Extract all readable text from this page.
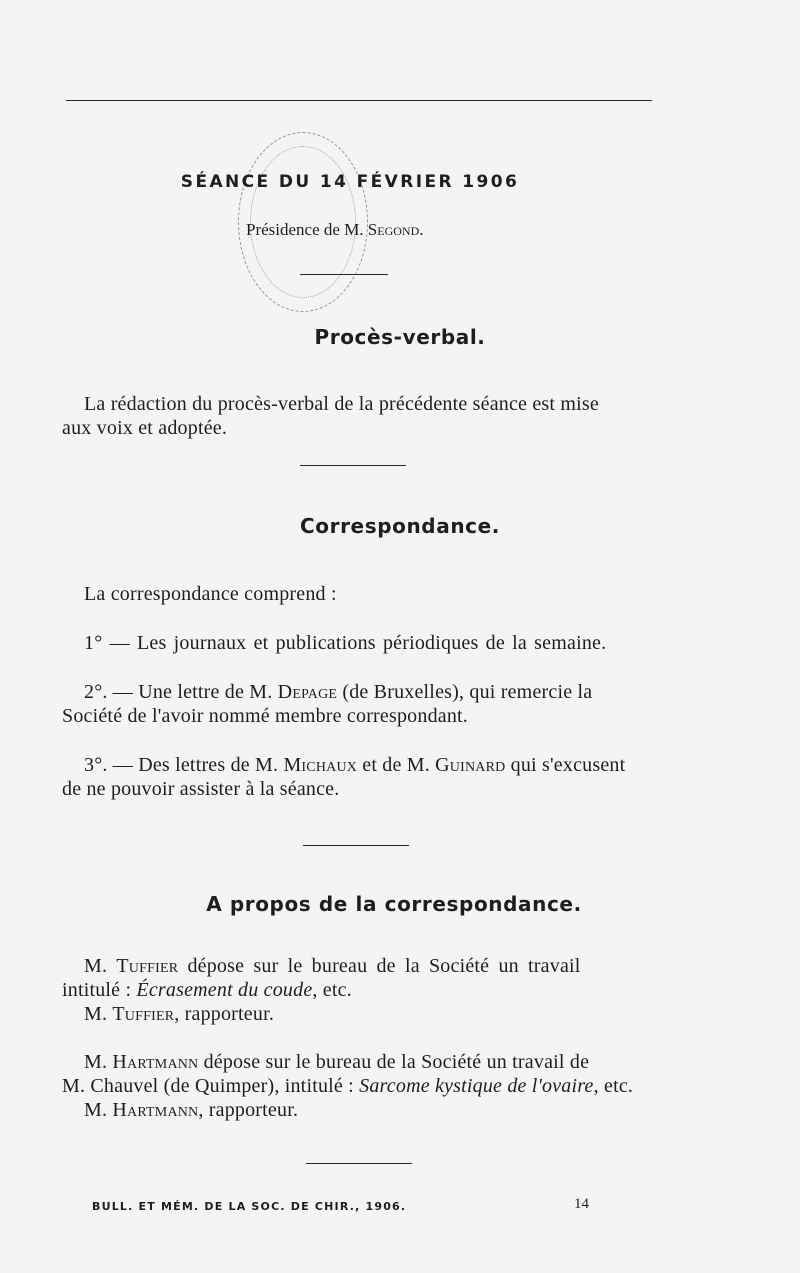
SÉANCE DU 14 FÉVRIER 1906
Présidence de M. Segond.
Procès-verbal.

La rédaction du procès-verbal de la précédente séance est mise

aux voix et adoptée.

Correspondance.
La correspondance comprend :
1° — Les journaux et publications périodiques de la semaine.

2°. — Une lettre de M. Depage (de Bruxelles), qui remercie la

Société de l'avoir nommé membre correspondant.

3°. — Des lettres de M. Michaux et de M. Guinard qui s'excusent

de ne pouvoir assister à la séance.

A propos de la correspondance.

M. Tuffier dépose sur le bureau de la Société un travail

intitulé : Écrasement du coude, etc.

M. Tuffier, rapporteur.

M. Hartmann dépose sur le bureau de la Société un travail de

M. Chauvel (de Quimper), intitulé : Sarcome kystique de l'ovaire, etc.

M. Hartmann, rapporteur.

BULL. ET MÉM. DE LA SOC. DE CHIR., 1906.	14
